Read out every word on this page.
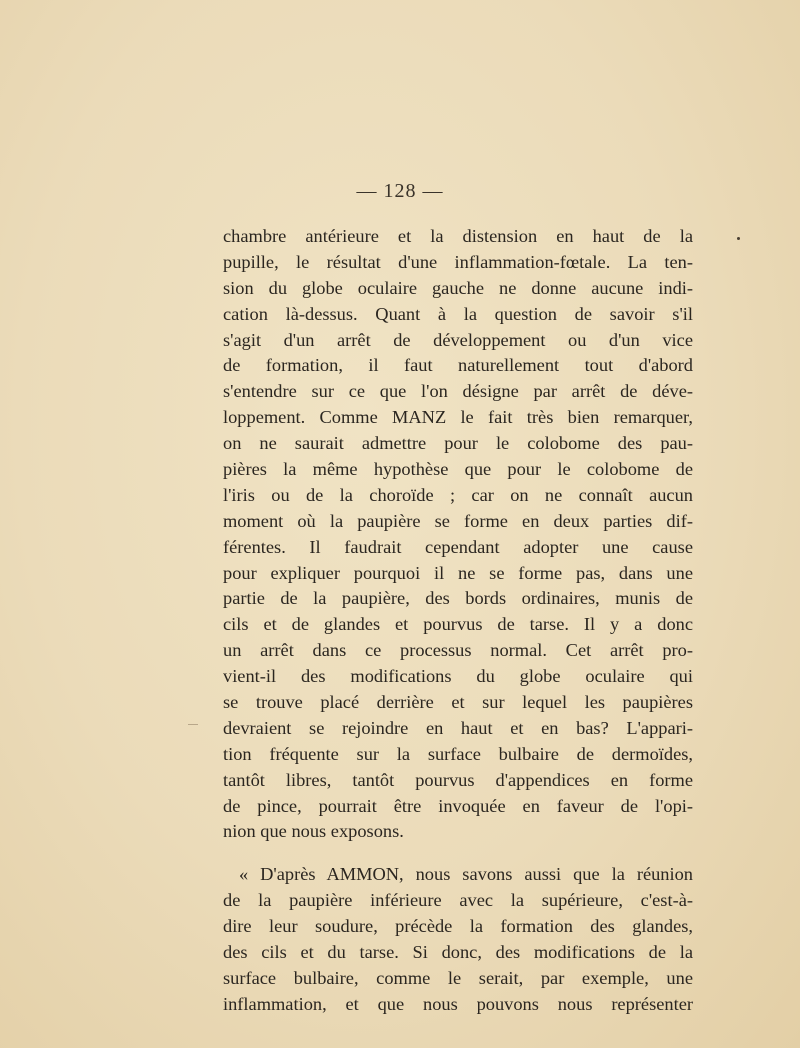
— 128 —
chambre antérieure et la distension en haut de la
pupille, le résultat d'une inflammation-fœtale. La ten-
sion du globe oculaire gauche ne donne aucune indi-
cation là-dessus. Quant à la question de savoir s'il
s'agit d'un arrêt de développement ou d'un vice
de formation, il faut naturellement tout d'abord
s'entendre sur ce que l'on désigne par arrêt de déve-
loppement. Comme MANZ le fait très bien remarquer,
on ne saurait admettre pour le colobome des pau-
pières la même hypothèse que pour le colobome de
l'iris ou de la choroïde ; car on ne connaît aucun
moment où la paupière se forme en deux parties dif-
férentes. Il faudrait cependant adopter une cause
pour expliquer pourquoi il ne se forme pas, dans une
partie de la paupière, des bords ordinaires, munis de
cils et de glandes et pourvus de tarse. Il y a donc
un arrêt dans ce processus normal. Cet arrêt pro-
vient-il des modifications du globe oculaire qui
se trouve placé derrière et sur lequel les paupières
devraient se rejoindre en haut et en bas? L'appari-
tion fréquente sur la surface bulbaire de dermoïdes,
tantôt libres, tantôt pourvus d'appendices en forme
de pince, pourrait être invoquée en faveur de l'opi-
nion que nous exposons.
« D'après AMMON, nous savons aussi que la réunion
de la paupière inférieure avec la supérieure, c'est-à-
dire leur soudure, précède la formation des glandes,
des cils et du tarse. Si donc, des modifications de la
surface bulbaire, comme le serait, par exemple, une
inflammation, et que nous pouvons nous représenter
